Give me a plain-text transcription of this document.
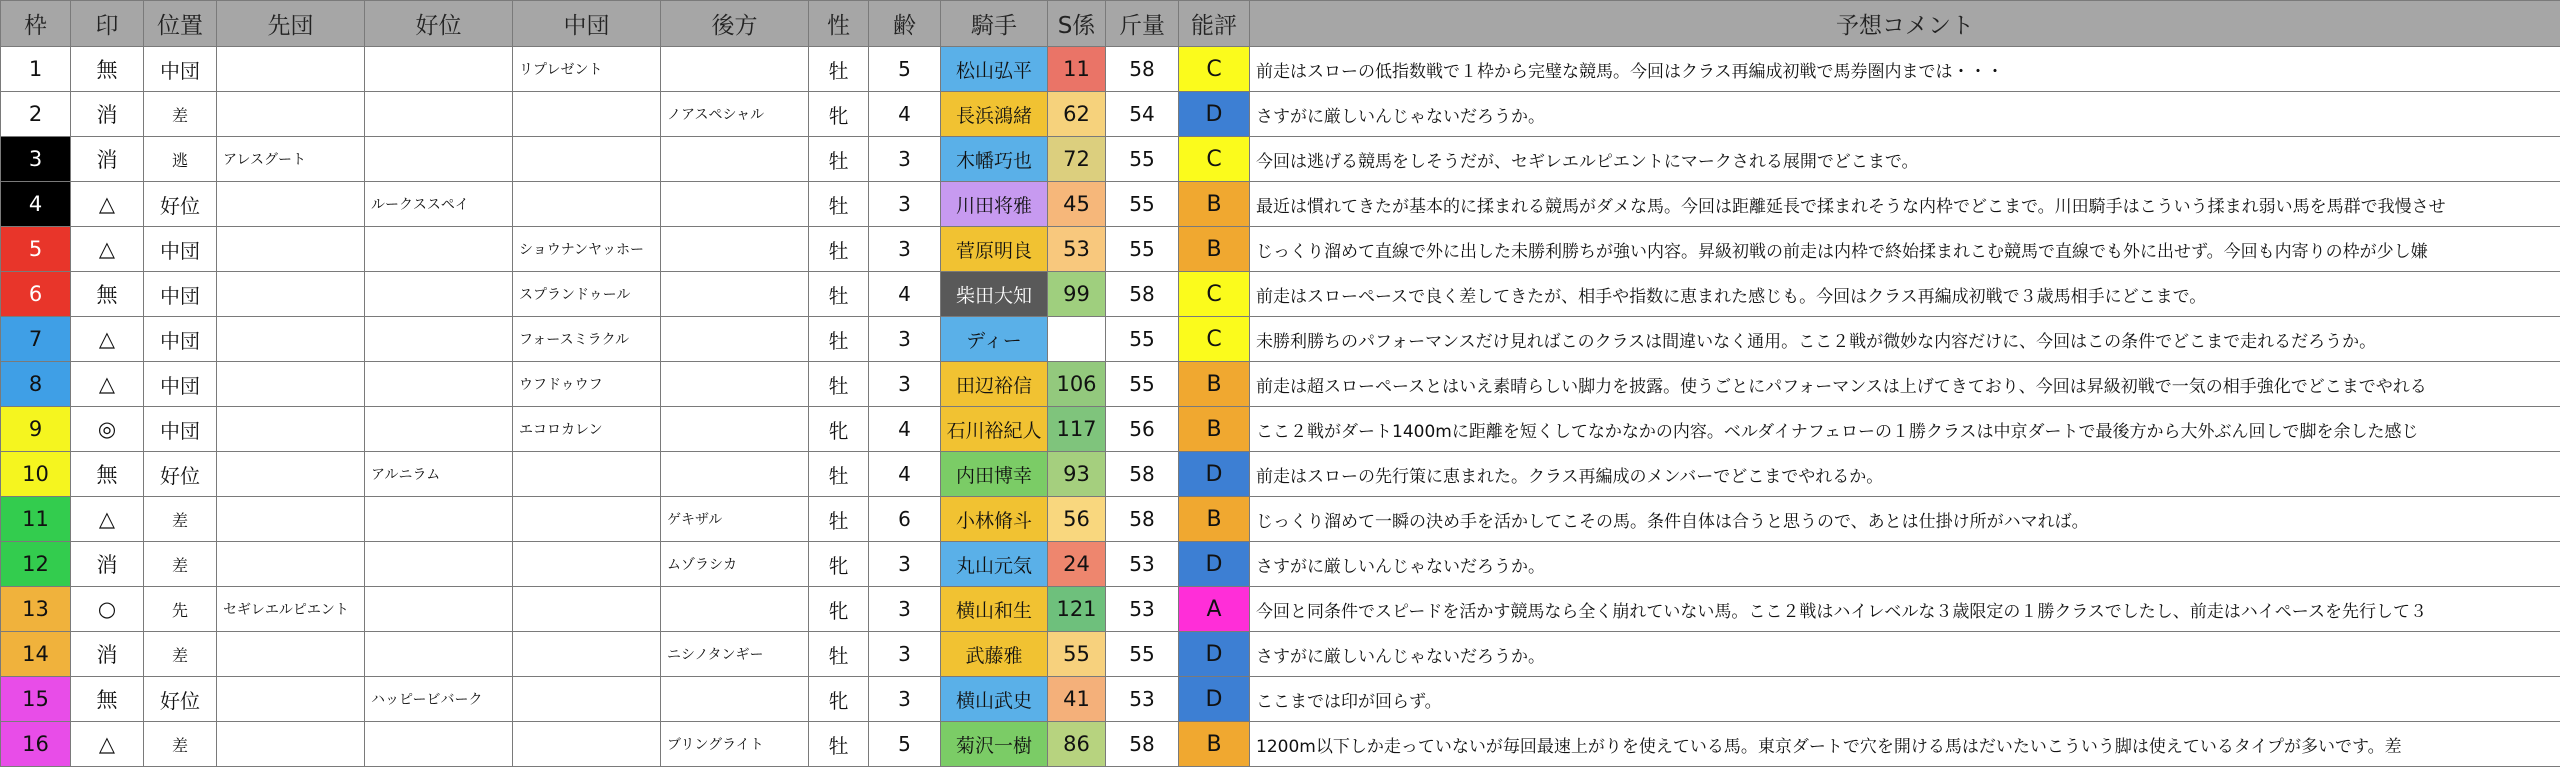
枠	印	位置	先団	好位	中団	後方	性	齢	騎手	S係	斤量	能評	予想コメント
1	無	中団			リプレゼント		牡	5	松山弘平	11	58	C	前走はスローの低指数戦で１枠から完璧な競馬。今回はクラス再編成初戦で馬券圏内までは・・・
2	消	差				ノアスペシャル	牝	4	長浜鴻緒	62	54	D	さすがに厳しいんじゃないだろうか。
3	消	逃	アレスグート				牡	3	木幡巧也	72	55	C	今回は逃げる競馬をしそうだが、セギレエルピエントにマークされる展開でどこまで。
4	△	好位		ルークススペイ			牡	3	川田将雅	45	55	B	最近は慣れてきたが基本的に揉まれる競馬がダメな馬。今回は距離延長で揉まれそうな内枠でどこまで。川田騎手はこういう揉まれ弱い馬を馬群で我慢させ
5	△	中団			ショウナンヤッホー		牡	3	菅原明良	53	55	B	じっくり溜めて直線で外に出した未勝利勝ちが強い内容。昇級初戦の前走は内枠で終始揉まれこむ競馬で直線でも外に出せず。今回も内寄りの枠が少し嫌
6	無	中団			スプランドゥール		牡	4	柴田大知	99	58	C	前走はスローペースで良く差してきたが、相手や指数に恵まれた感じも。今回はクラス再編成初戦で３歳馬相手にどこまで。
7	△	中団			フォースミラクル		牡	3	ディー		55	C	未勝利勝ちのパフォーマンスだけ見ればこのクラスは間違いなく通用。ここ２戦が微妙な内容だけに、今回はこの条件でどこまで走れるだろうか。
8	△	中団			ウフドゥウフ		牡	3	田辺裕信	106	55	B	前走は超スローペースとはいえ素晴らしい脚力を披露。使うごとにパフォーマンスは上げてきており、今回は昇級初戦で一気の相手強化でどこまでやれる
9	◎	中団			エコロカレン		牝	4	石川裕紀人	117	56	B	ここ２戦がダート1400mに距離を短くしてなかなかの内容。ベルダイナフェローの１勝クラスは中京ダートで最後方から大外ぶん回しで脚を余した感じ
10	無	好位		アルニラム			牡	4	内田博幸	93	58	D	前走はスローの先行策に恵まれた。クラス再編成のメンバーでどこまでやれるか。
11	△	差				ゲキザル	牡	6	小林脩斗	56	58	B	じっくり溜めて一瞬の決め手を活かしてこその馬。条件自体は合うと思うので、あとは仕掛け所がハマれば。
12	消	差				ムゾラシカ	牝	3	丸山元気	24	53	D	さすがに厳しいんじゃないだろうか。
13	○	先	セギレエルピエント				牝	3	横山和生	121	53	A	今回と同条件でスピードを活かす競馬なら全く崩れていない馬。ここ２戦はハイレベルな３歳限定の１勝クラスでしたし、前走はハイペースを先行して３
14	消	差				ニシノタンギー	牡	3	武藤雅	55	55	D	さすがに厳しいんじゃないだろうか。
15	無	好位		ハッピービバーク			牝	3	横山武史	41	53	D	ここまでは印が回らず。
16	△	差				ブリングライト	牡	5	菊沢一樹	86	58	B	1200m以下しか走っていないが毎回最速上がりを使えている馬。東京ダートで穴を開ける馬はだいたいこういう脚は使えているタイプが多いです。差
